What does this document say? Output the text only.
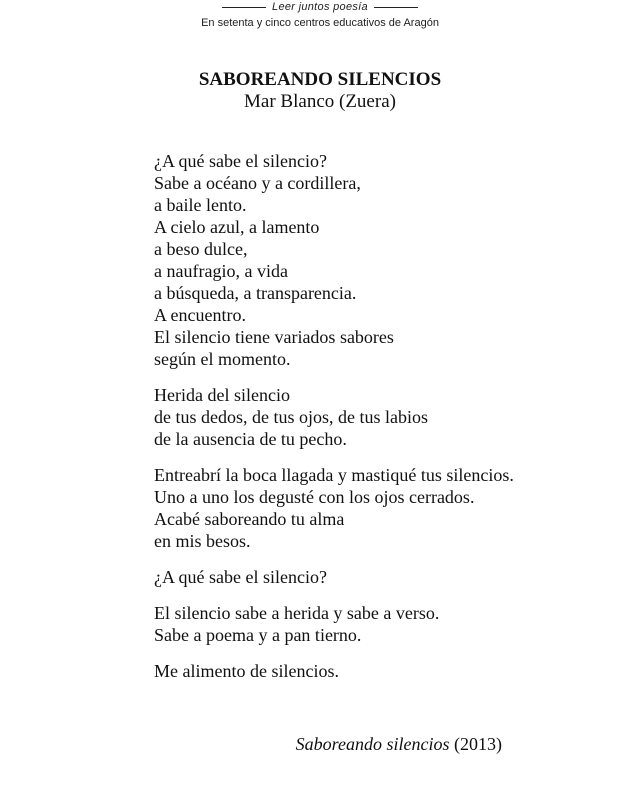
Leer juntos poesía
En setenta y cinco centros educativos de Aragón
SABOREANDO SILENCIOS
Mar Blanco (Zuera)
¿A qué sabe el silencio?
Sabe a océano y a cordillera,
a baile lento.
A cielo azul, a lamento
a beso dulce,
a naufragio, a vida
a búsqueda, a transparencia.
A encuentro.
El silencio tiene variados sabores
según el momento.
Herida del silencio
de tus dedos, de tus ojos, de tus labios
de la ausencia de tu pecho.
Entreabrí la boca llagada y mastiqué tus silencios.
Uno a uno los degusté con los ojos cerrados.
Acabé saboreando tu alma
en mis besos.
¿A qué sabe el silencio?
El silencio sabe a herida y sabe a verso.
Sabe a poema y a pan tierno.
Me alimento de silencios.
Saboreando silencios (2013)
